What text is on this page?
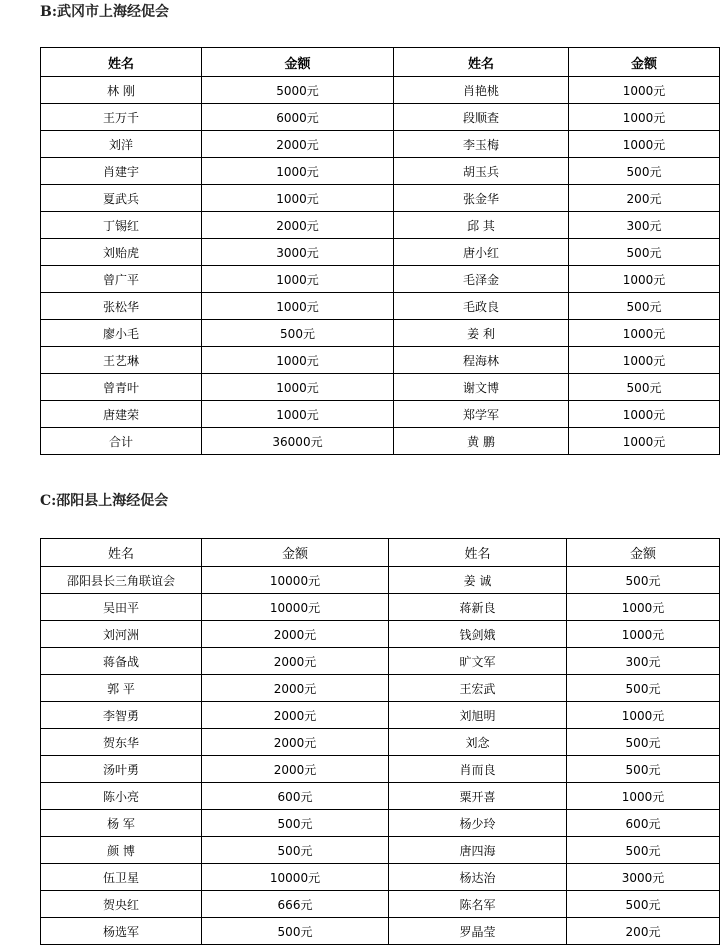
B:武冈市上海经促会
姓名	金额	姓名	金额
林 刚	5000元	肖艳桃	1000元
王万千	6000元	段顺查	1000元
刘洋	2000元	李玉梅	1000元
肖建宇	1000元	胡玉兵	500元
夏武兵	1000元	张金华	200元
丁锡红	2000元	邱 其	300元
刘贻虎	3000元	唐小红	500元
曾广平	1000元	毛泽金	1000元
张松华	1000元	毛政良	500元
廖小毛	500元	姜 利	1000元
王艺琳	1000元	程海林	1000元
曾青叶	1000元	谢文博	500元
唐建荣	1000元	郑学军	1000元
合计	36000元	黄 鹏	1000元
C:邵阳县上海经促会
姓名	金额	姓名	金额
邵阳县长三角联谊会	10000元	姜 诚	500元
吴田平	10000元	蒋新良	1000元
刘河洲	2000元	钱剑娥	1000元
蒋备战	2000元	旷文军	300元
郭 平	2000元	王宏武	500元
李智勇	2000元	刘旭明	1000元
贺东华	2000元	刘念	500元
汤叶勇	2000元	肖而良	500元
陈小亮	600元	粟开喜	1000元
杨 军	500元	杨少玲	600元
颜 博	500元	唐四海	500元
伍卫星	10000元	杨达治	3000元
贺央红	666元	陈名军	500元
杨选军	500元	罗晶莹	200元
